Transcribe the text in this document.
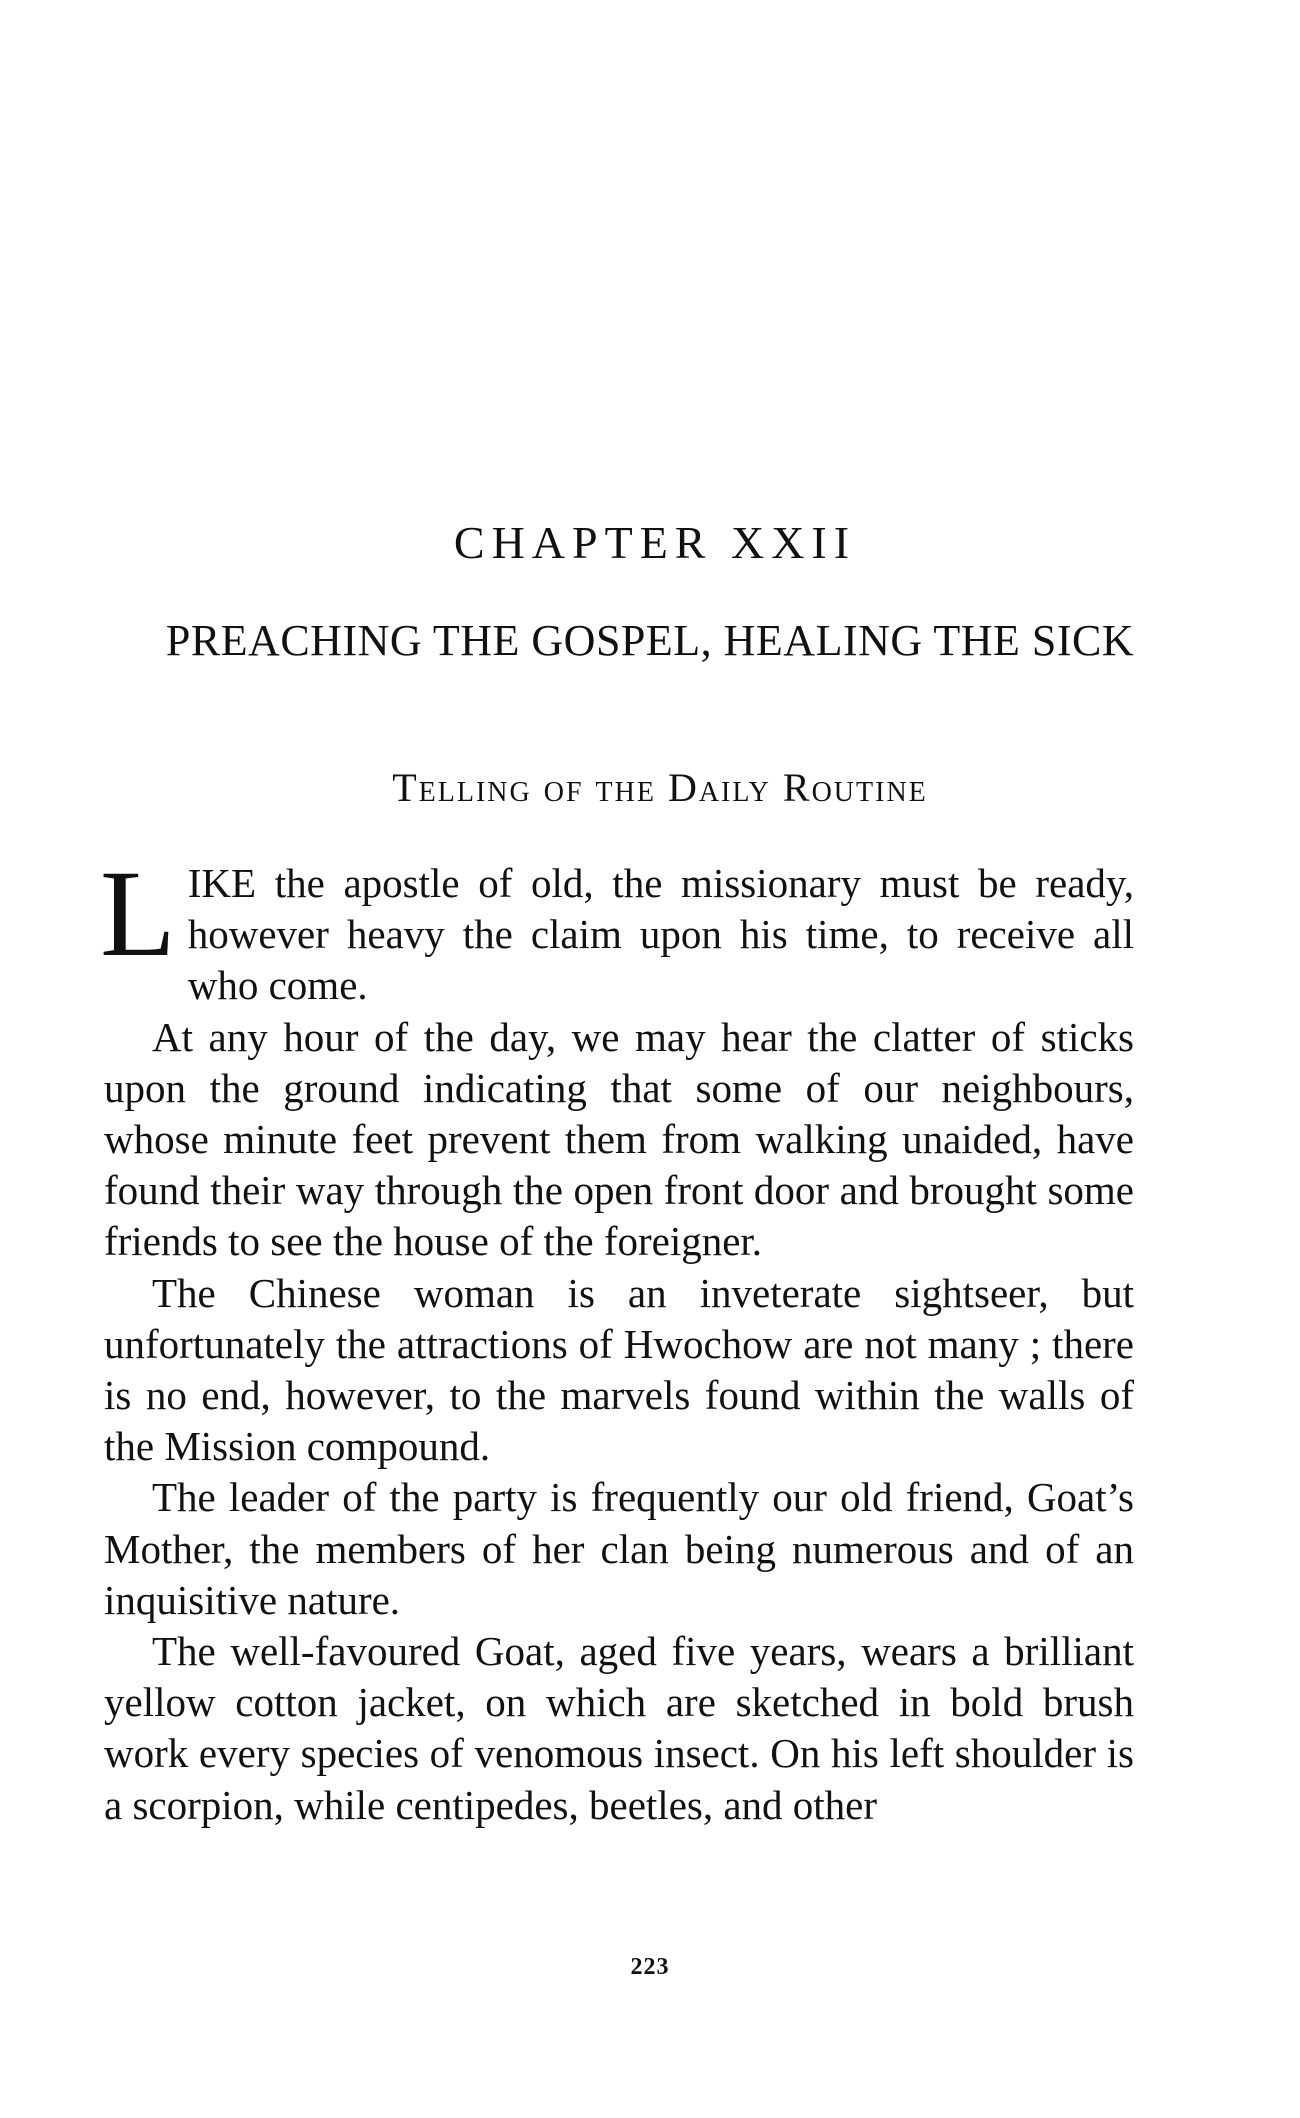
CHAPTER XXII
PREACHING THE GOSPEL, HEALING THE SICK
Telling of the Daily Routine

LIKE the apostle of old, the missionary must be ready, however heavy the claim upon his time, to receive all who come.

At any hour of the day, we may hear the clatter of sticks upon the ground indicating that some of our neighbours, whose minute feet prevent them from walking unaided, have found their way through the open front door and brought some friends to see the house of the foreigner.

The Chinese woman is an inveterate sightseer, but unfortunately the attractions of Hwochow are not many ; there is no end, however, to the marvels found within the walls of the Mission compound.

The leader of the party is frequently our old friend, Goat’s Mother, the members of her clan being numerous and of an inquisitive nature.

The well-favoured Goat, aged five years, wears a brilliant yellow cotton jacket, on which are sketched in bold brush work every species of venomous insect. On his left shoulder is a scorpion, while centipedes, beetles, and other

223
